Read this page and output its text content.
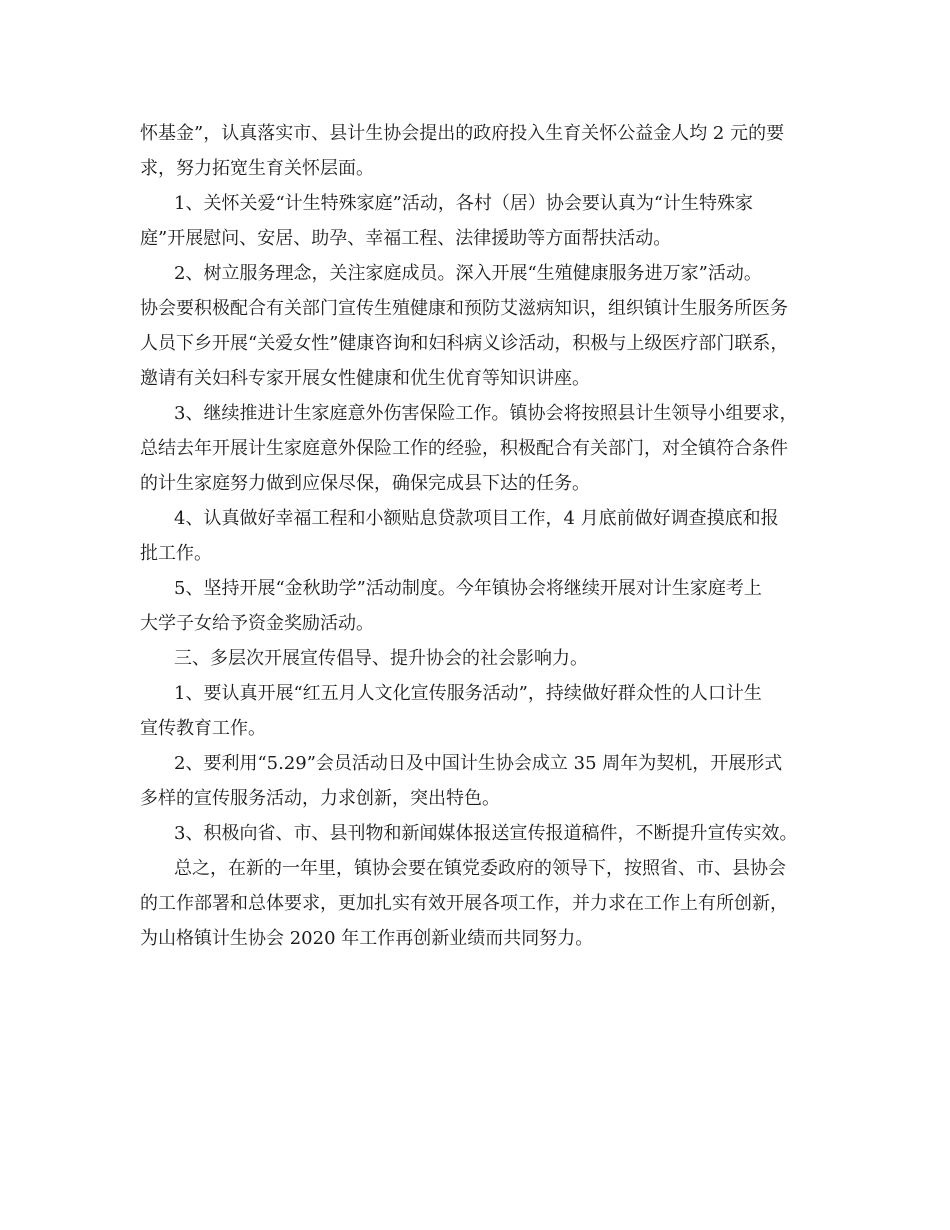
怀基金”，认真落实市、县计生协会提出的政府投入生育关怀公益金人均 2 元的要
求，努力拓宽生育关怀层面。

1、关怀关爱“计生特殊家庭”活动，各村（居）协会要认真为“计生特殊家
庭”开展慰问、安居、助孕、幸福工程、法律援助等方面帮扶活动。

2、树立服务理念，关注家庭成员。深入开展“生殖健康服务进万家”活动。
协会要积极配合有关部门宣传生殖健康和预防艾滋病知识，组织镇计生服务所医务
人员下乡开展“关爱女性”健康咨询和妇科病义诊活动，积极与上级医疗部门联系，
邀请有关妇科专家开展女性健康和优生优育等知识讲座。

3、继续推进计生家庭意外伤害保险工作。镇协会将按照县计生领导小组要求，
总结去年开展计生家庭意外保险工作的经验，积极配合有关部门，对全镇符合条件
的计生家庭努力做到应保尽保，确保完成县下达的任务。

4、认真做好幸福工程和小额贴息贷款项目工作，4 月底前做好调查摸底和报
批工作。

5、坚持开展“金秋助学”活动制度。今年镇协会将继续开展对计生家庭考上
大学子女给予资金奖励活动。

三、多层次开展宣传倡导、提升协会的社会影响力。

1、要认真开展“红五月人文化宣传服务活动”，持续做好群众性的人口计生
宣传教育工作。

2、要利用“5.29”会员活动日及中国计生协会成立 35 周年为契机，开展形式
多样的宣传服务活动，力求创新，突出特色。

3、积极向省、市、县刊物和新闻媒体报送宣传报道稿件，不断提升宣传实效。

总之，在新的一年里，镇协会要在镇党委政府的领导下，按照省、市、县协会
的工作部署和总体要求，更加扎实有效开展各项工作，并力求在工作上有所创新，
为山格镇计生协会 2020 年工作再创新业绩而共同努力。
